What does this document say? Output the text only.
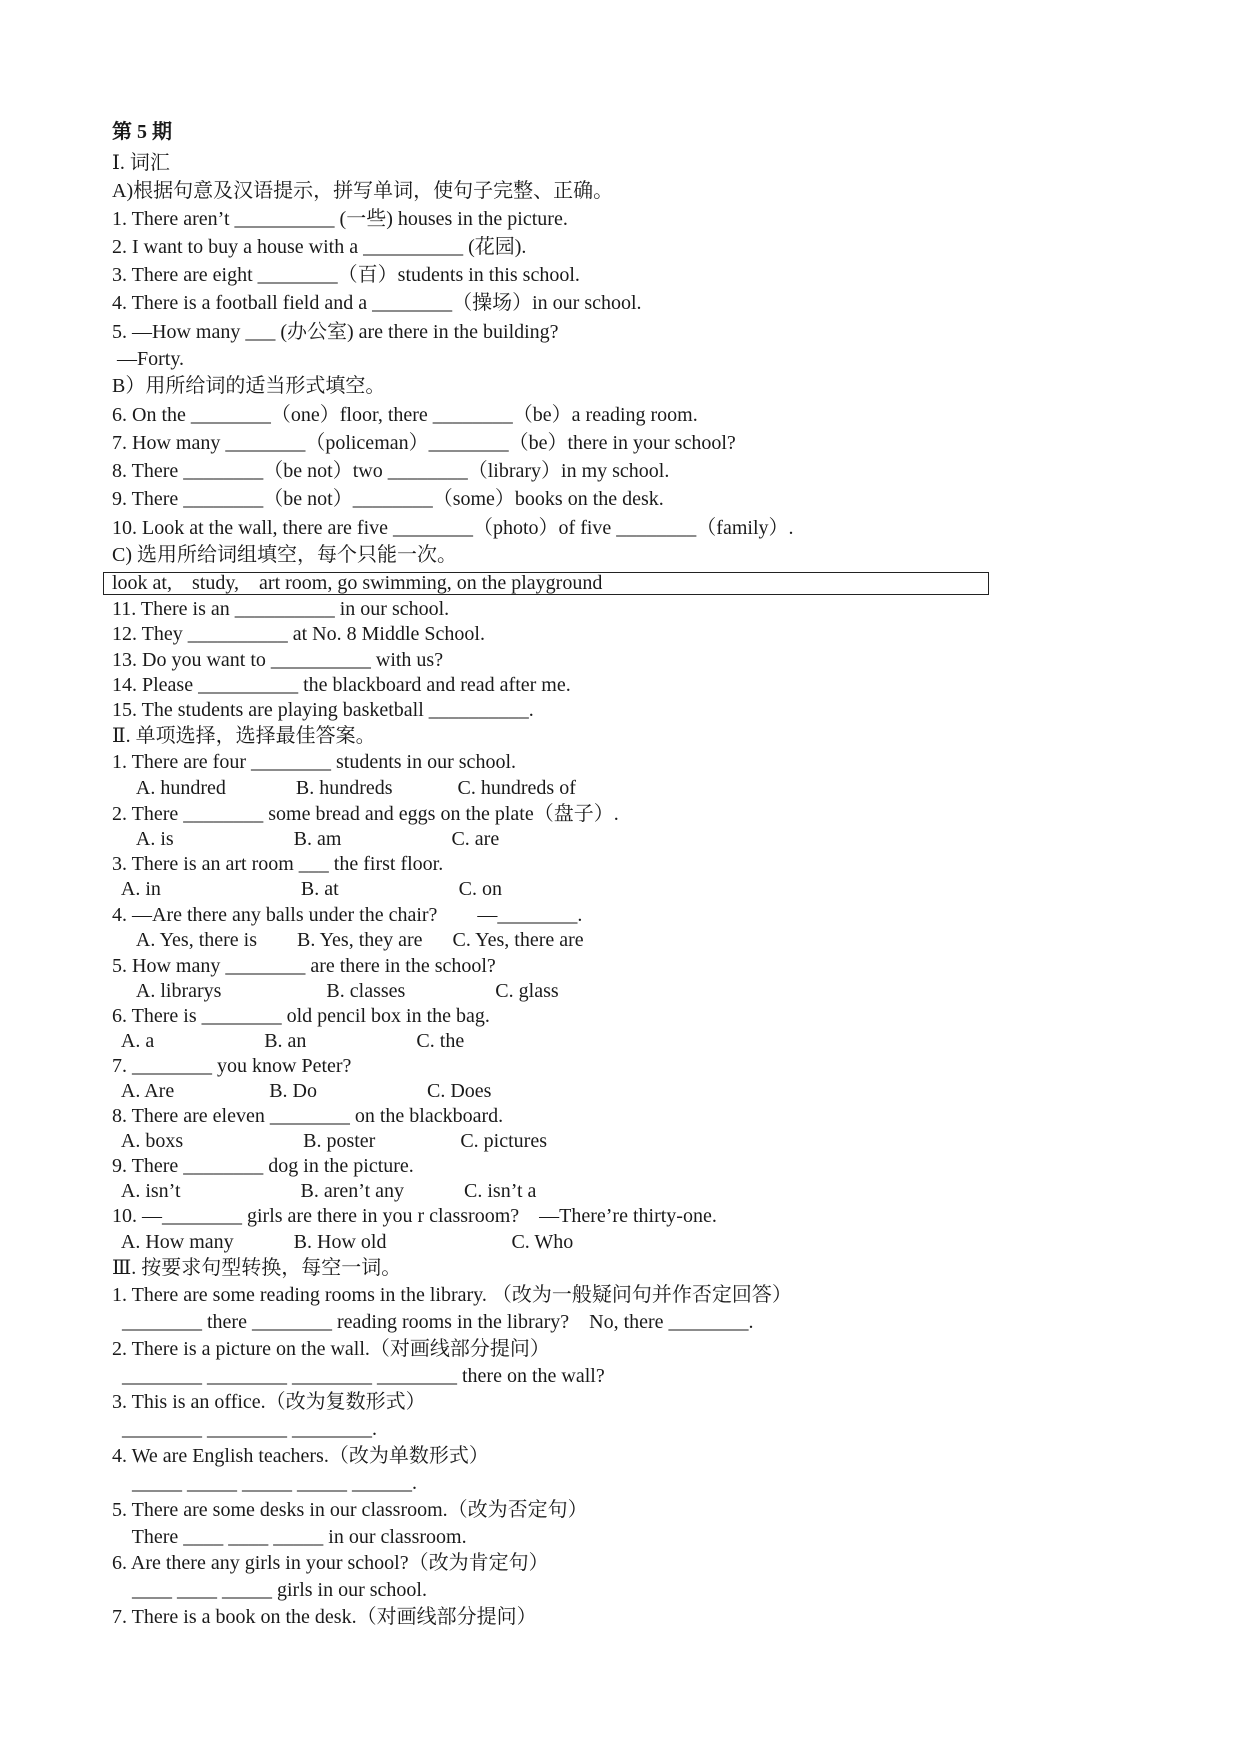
第 5 期
Ⅰ. 词汇
A)根据句意及汉语提示，拼写单词，使句子完整、正确。
1. There aren’t __________ (一些) houses in the picture.
2. I want to buy a house with a __________ (花园).
3. There are eight ________（百）students in this school.
4. There is a football field and a ________（操场）in our school.
5. —How many ___ (办公室) are there in the building?
—Forty.
B）用所给词的适当形式填空。
6. On the ________（one）floor, there ________（be）a reading room.
7. How many ________（policeman）________（be）there in your school?
8. There ________（be not）two ________（library）in my school.
9. There ________（be not）________（some）books on the desk.
10. Look at the wall, there are five ________（photo）of five ________（family）.
C) 选用所给词组填空，每个只能一次。
look at,    study,    art room, go swimming, on the playground
11. There is an __________ in our school.
12. They __________ at No. 8 Middle School.
13. Do you want to __________ with us?
14. Please __________ the blackboard and read after me.
15. The students are playing basketball __________.
Ⅱ. 单项选择，选择最佳答案。
1. There are four ________ students in our school.
A. hundred              B. hundreds             C. hundreds of
2. There ________ some bread and eggs on the plate（盘子）.
A. is                        B. am                      C. are
3. There is an art room ___ the first floor.
A. in                            B. at                        C. on
4. —Are there any balls under the chair?        —________.
A. Yes, there is        B. Yes, they are      C. Yes, there are
5. How many ________ are there in the school?
A. librarys                     B. classes                  C. glass
6. There is ________ old pencil box in the bag.
A. a                      B. an                      C. the
7. ________ you know Peter?
A. Are                   B. Do                      C. Does
8. There are eleven ________ on the blackboard.
A. boxs                        B. poster                 C. pictures
9. There ________ dog in the picture.
A. isn’t                        B. aren’t any            C. isn’t a
10. —________ girls are there in you r classroom?    —There’re thirty-one.
A. How many            B. How old                         C. Who
Ⅲ. 按要求句型转换，每空一词。
1. There are some reading rooms in the library. （改为一般疑问句并作否定回答）
________ there ________ reading rooms in the library?    No, there ________.
2. There is a picture on the wall.（对画线部分提问）
________ ________ ________ ________ there on the wall?
3. This is an office.（改为复数形式）
________ ________ ________.
4. We are English teachers.（改为单数形式）
_____ _____ _____ _____ ______.
5. There are some desks in our classroom.（改为否定句）
There ____ ____ _____ in our classroom.
6. Are there any girls in your school?（改为肯定句）
____ ____ _____ girls in our school.
7. There is a book on the desk.（对画线部分提问）
